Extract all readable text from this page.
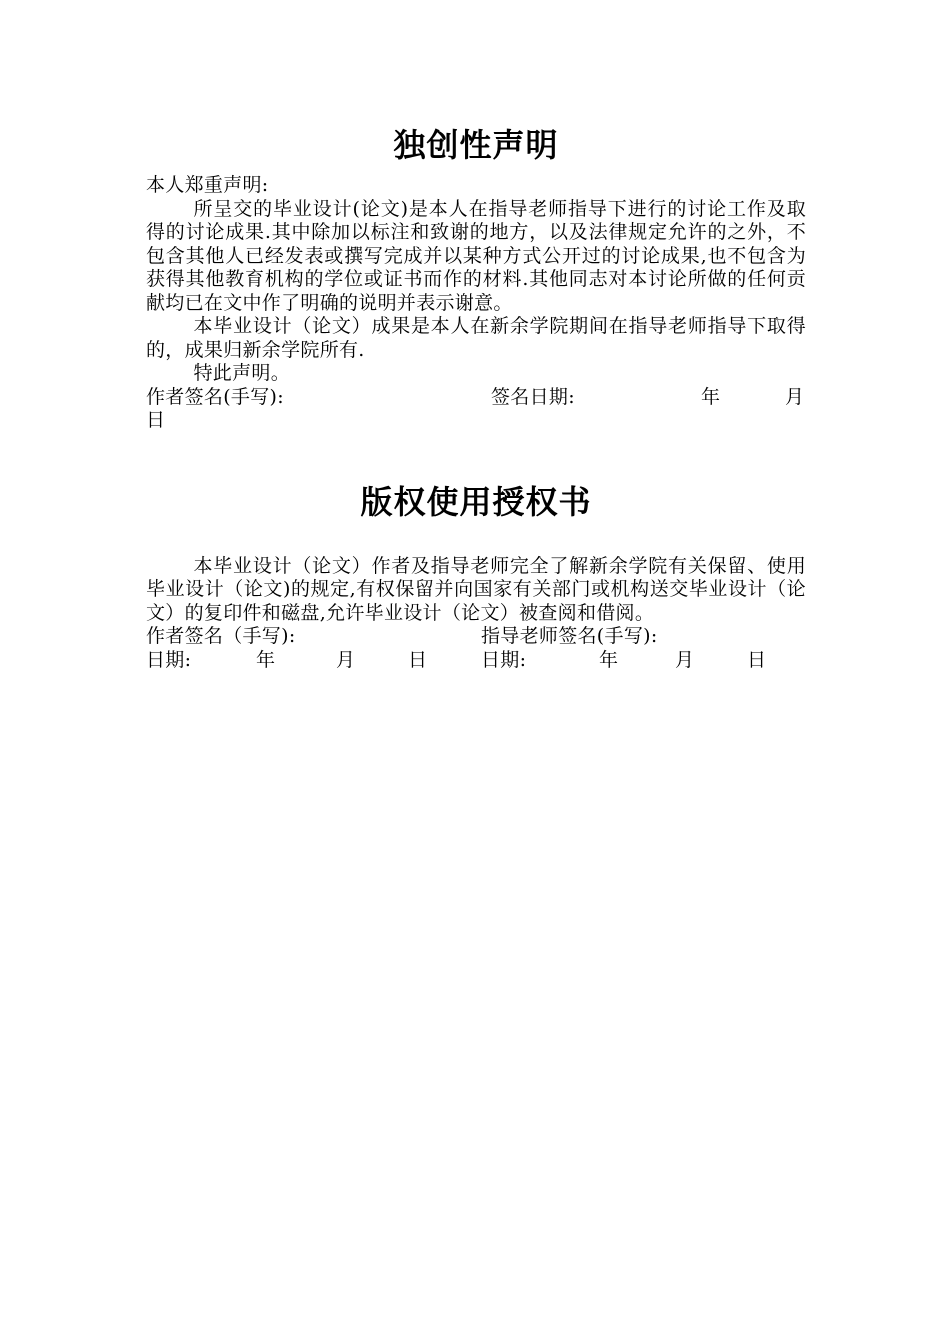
独创性声明

本人郑重声明:

所呈交的毕业设计(论文)是本人在指导老师指导下进行的讨论工作及取得的讨论成果.其中除加以标注和致谢的地方，以及法律规定允许的之外，不包含其他人已经发表或撰写完成并以某种方式公开过的讨论成果,也不包含为获得其他教育机构的学位或证书而作的材料.其他同志对本讨论所做的任何贡献均已在文中作了明确的说明并表示谢意。

本毕业设计（论文）成果是本人在新余学院期间在指导老师指导下取得的，成果归新余学院所有.

特此声明。

作者签名(手写):	签名日期:	年	月
日
版权使用授权书

本毕业设计（论文）作者及指导老师完全了解新余学院有关保留、使用毕业设计（论文)的规定,有权保留并向国家有关部门或机构送交毕业设计（论文）的复印件和磁盘,允许毕业设计（论文）被查阅和借阅。

作者签名（手写):	指导老师签名(手写):
日期:	年	月	日	日期:	年	月	日
